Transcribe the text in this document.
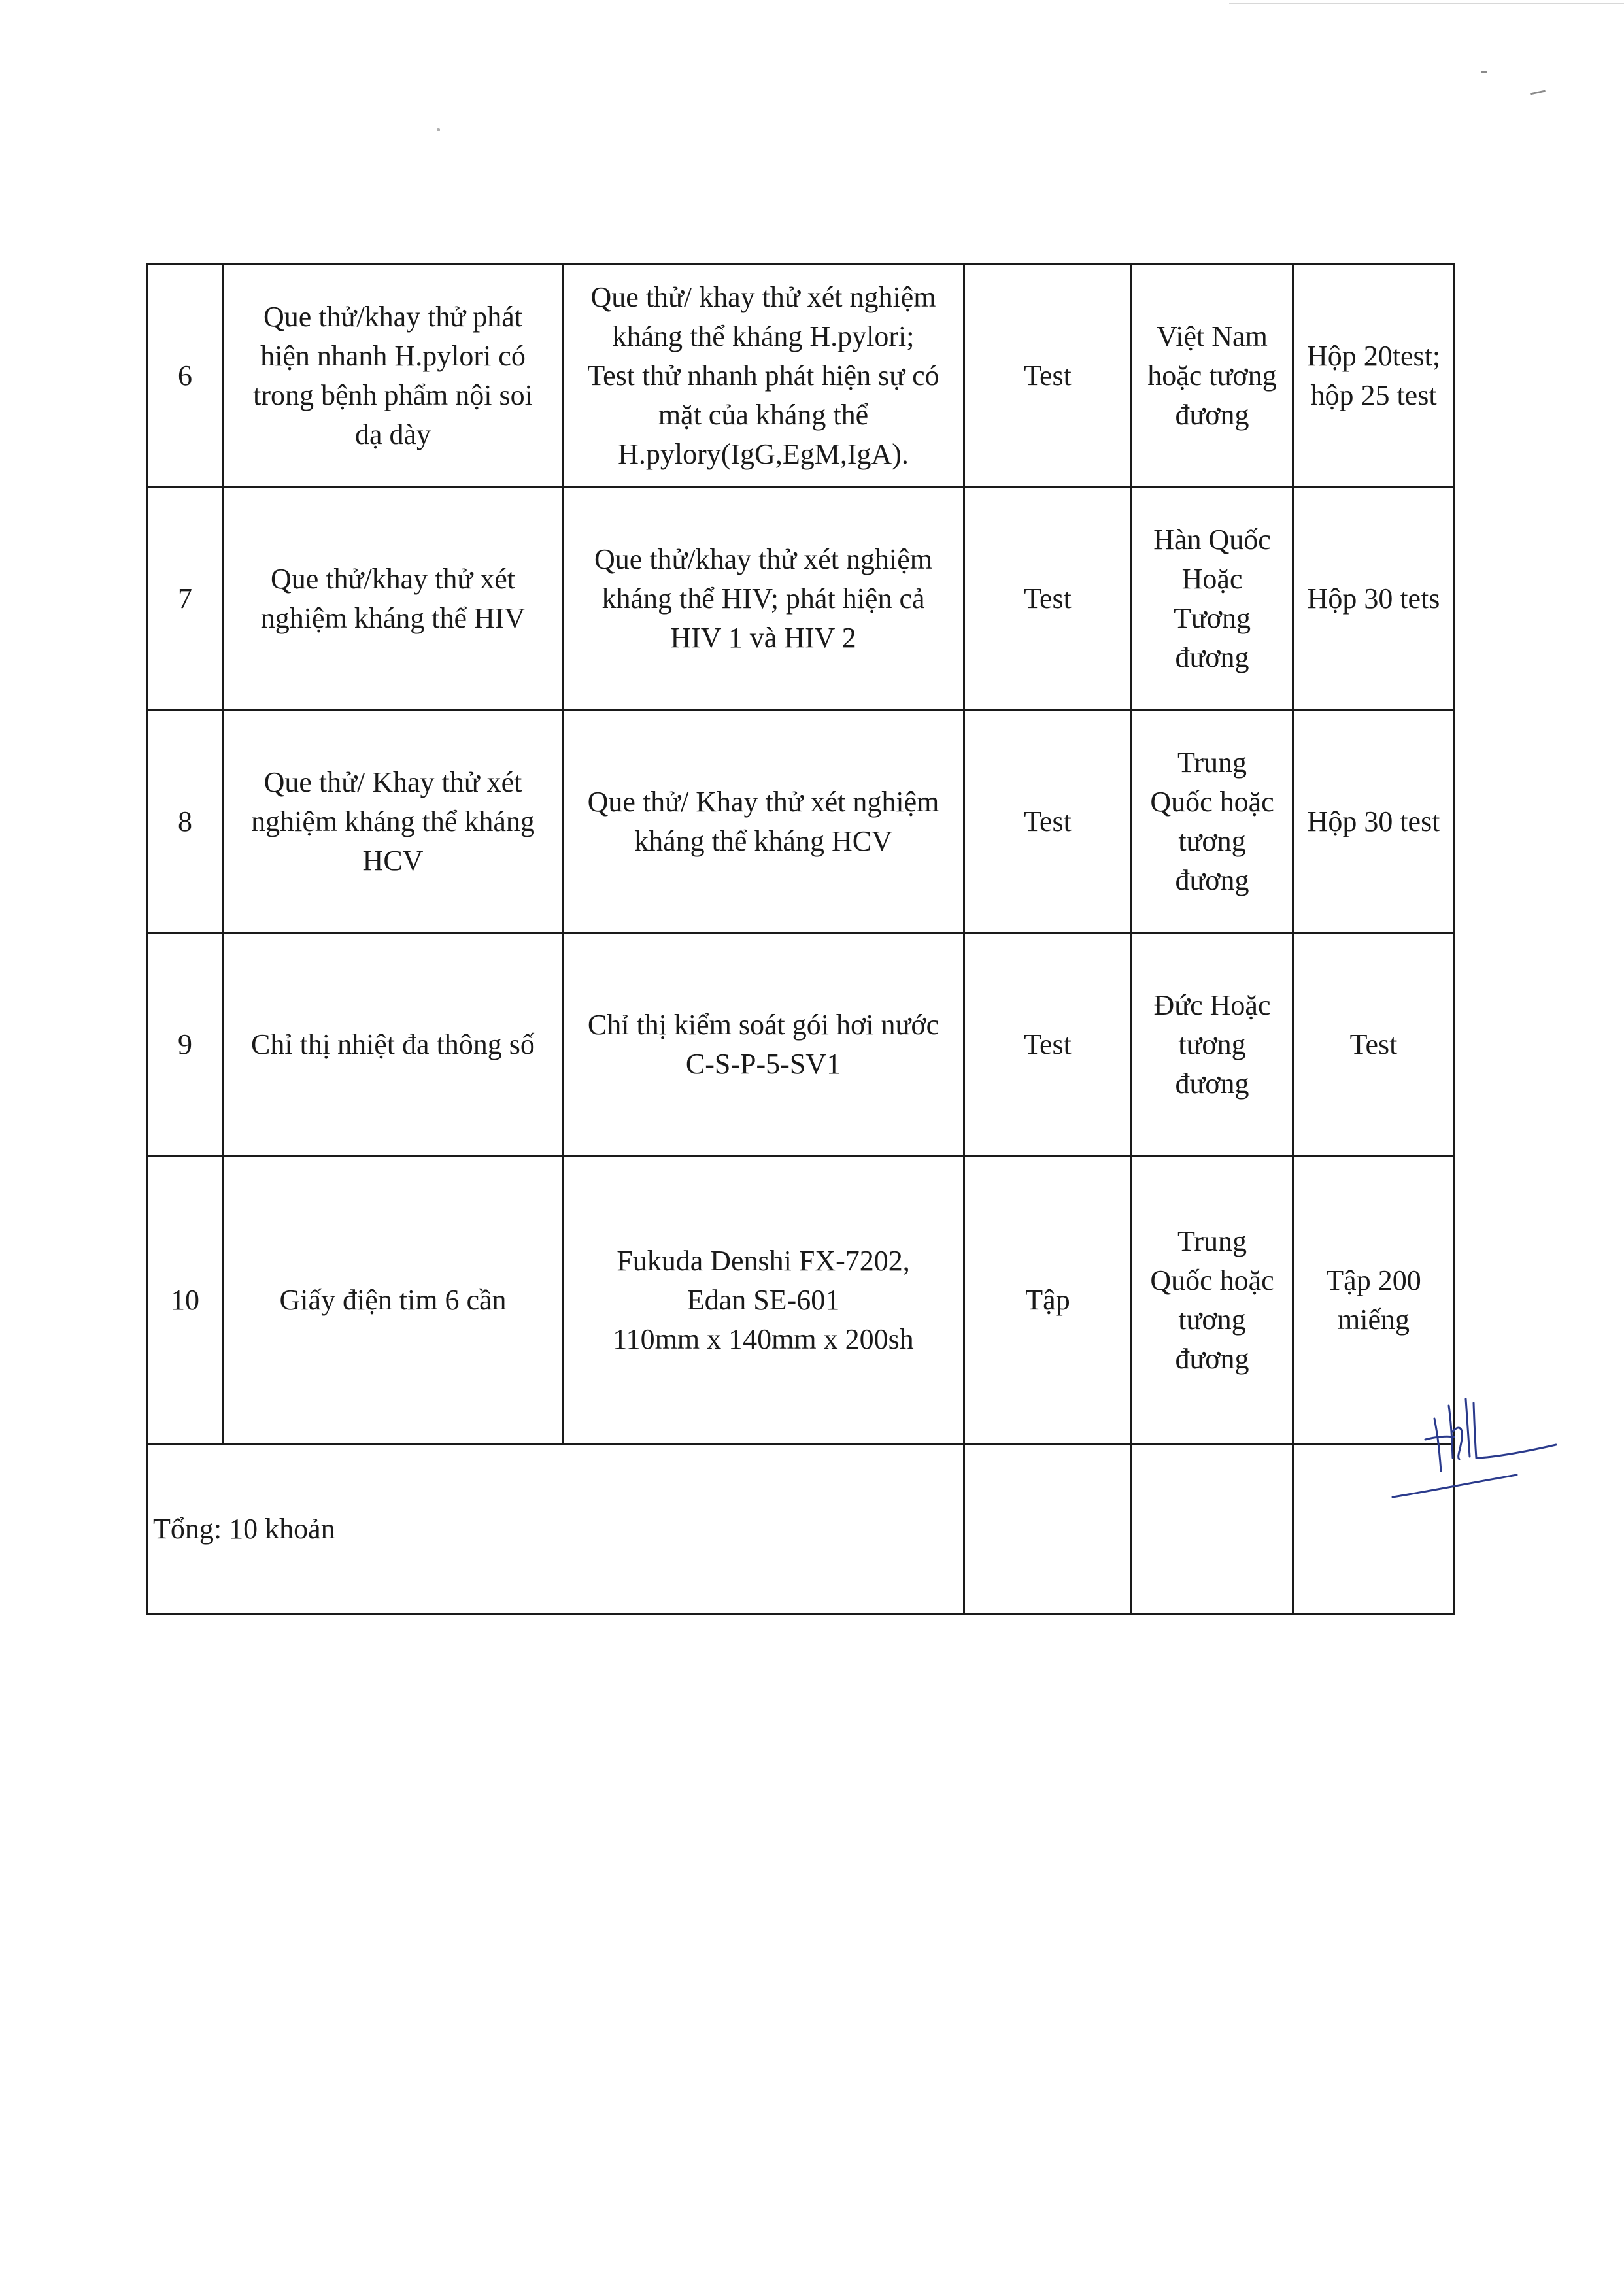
6	Que thử/khay thử phát
hiện nhanh H.pylori có
trong bệnh phẩm nội soi
dạ dày	Que thử/ khay thử xét nghiệm
kháng thể kháng H.pylori;
Test thử nhanh phát hiện sự có
mặt của kháng thể
H.pylory(IgG,EgM,IgA).	Test	Việt Nam
hoặc tương
đương	Hộp 20test;
hộp 25 test
7	Que thử/khay thử xét
nghiệm kháng thể HIV	Que thử/khay thử xét nghiệm
kháng thể HIV; phát hiện cả
HIV 1 và HIV 2	Test	Hàn Quốc
Hoặc
Tương
đương	Hộp 30 tets
8	Que thử/ Khay thử xét
nghiệm kháng thể kháng
HCV	Que thử/ Khay thử xét nghiệm
kháng thể kháng HCV	Test	Trung
Quốc hoặc
tương
đương	Hộp 30 test
9	Chỉ thị nhiệt đa thông số	Chỉ thị kiểm soát gói hơi nước
C-S-P-5-SV1	Test	Đức Hoặc
tương
đương	Test
10	Giấy điện tim 6 cần	Fukuda Denshi FX-7202,
Edan SE-601
110mm x 140mm x 200sh	Tập	Trung
Quốc hoặc
tương
đương	Tập 200
miếng
Tổng: 10 khoản					
